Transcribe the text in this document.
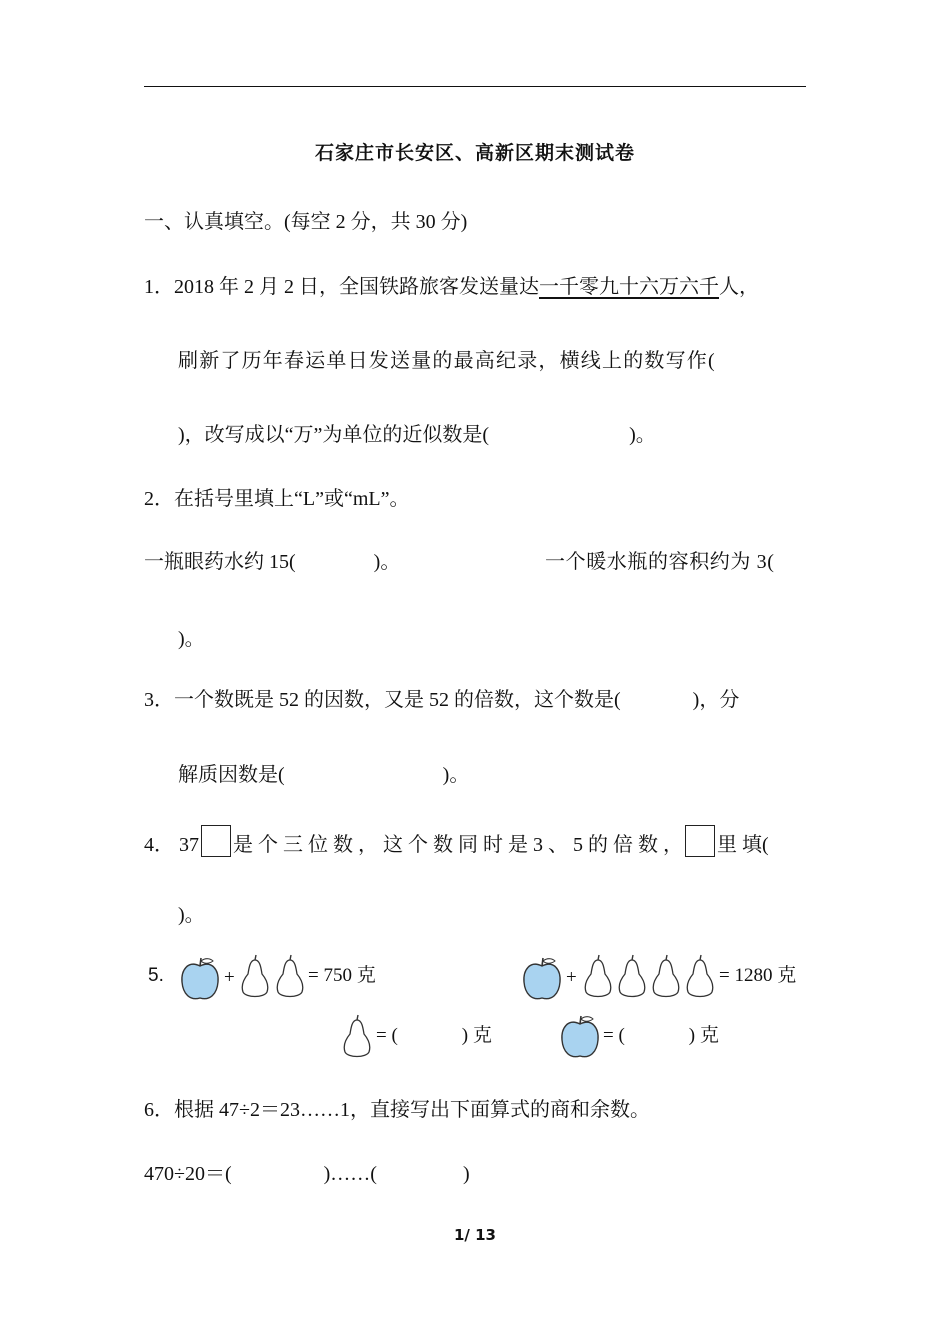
石家庄市长安区、高新区期末测试卷
一、认真填空。(每空 2 分，共 30 分)
1．2018 年 2 月 2 日，全国铁路旅客发送量达一千零九十六万六千人，
刷新了历年春运单日发送量的最高纪录，横线上的数写作(
)，改写成以“万”为单位的近似数是(	)。
2．在括号里填上“L”或“mL”。
一瓶眼药水约 15(	)。	一个暖水瓶的容积约为 3(
)。
3．一个数既是 52 的因数，又是 52 的倍数，这个数是(	)，分
解质因数是(	)。
4． 37 是 个 三 位 数 ， 这 个 数 同 时 是 3 、 5 的 倍 数 ， 里 填(
)。
5.	+	= 750 克	+	= 1280 克
= (	) 克	= (	) 克
6．根据 47÷2＝23……1，直接写出下面算式的商和余数。
470÷20＝(	)……(	)
1/ 13
